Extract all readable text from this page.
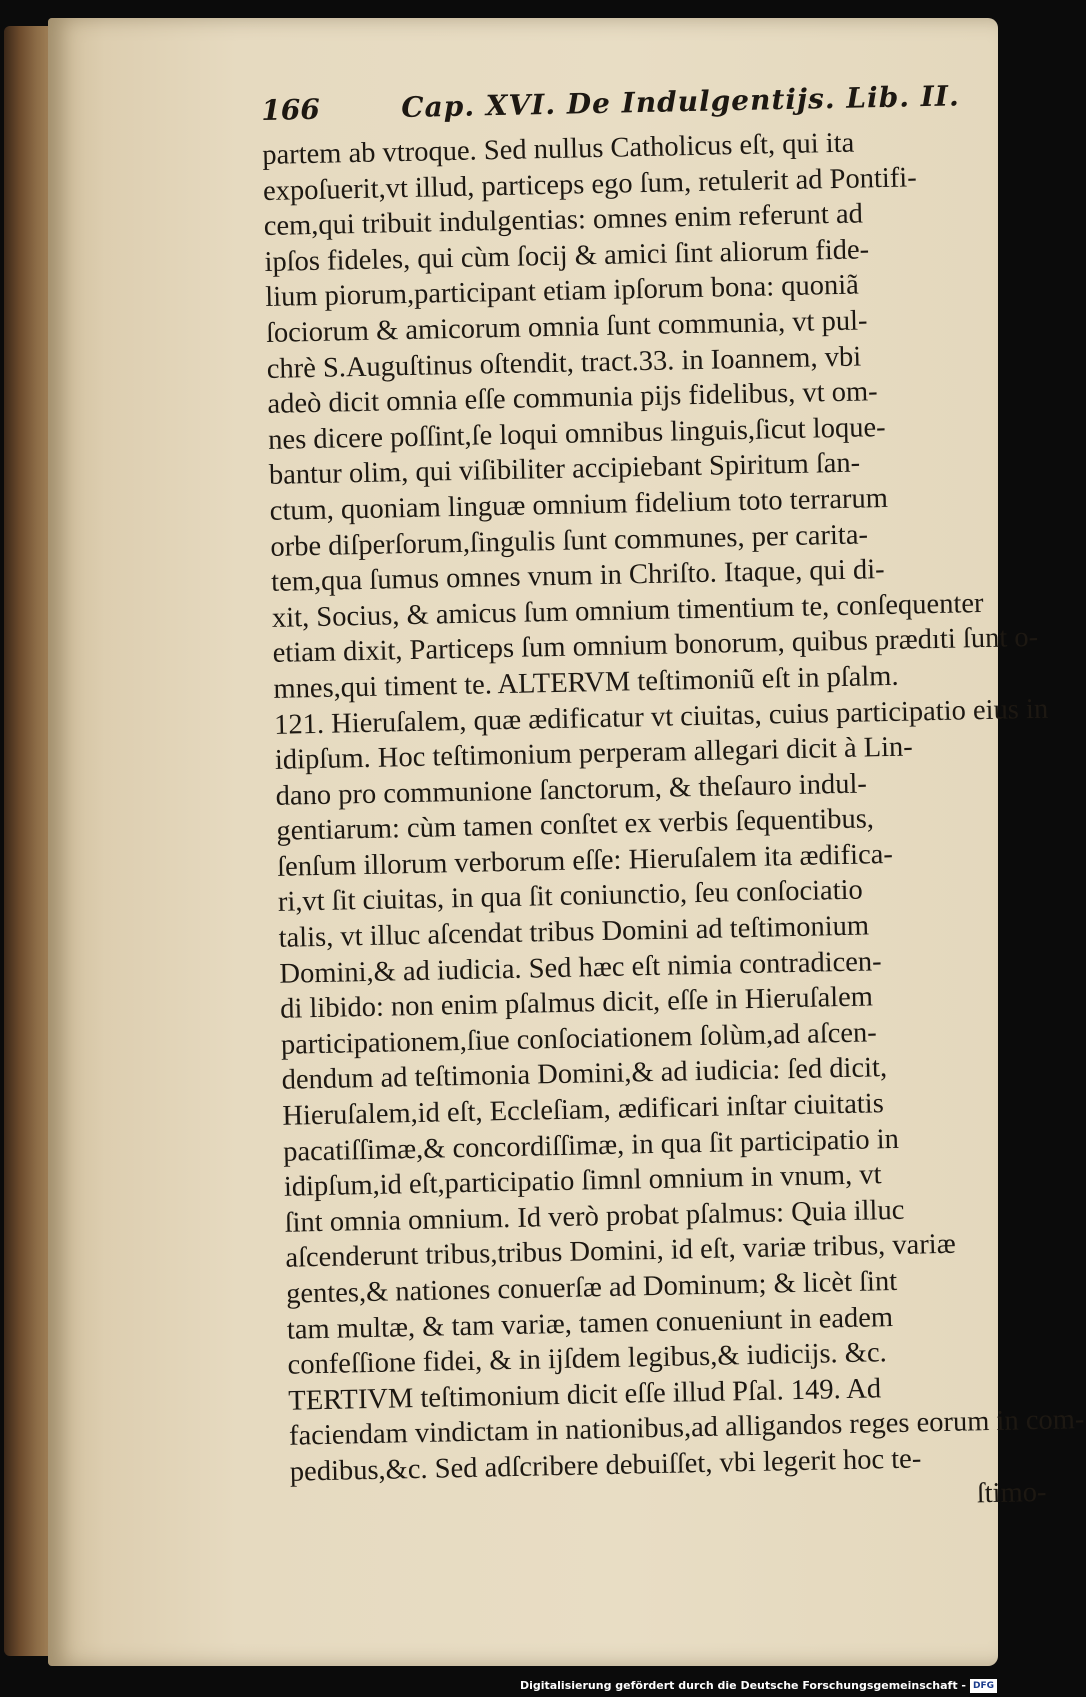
166	Cap. XVI. De Indulgentijs. Lib. II.
partem ab vtroque. Sed nullus Catholicus eſt, qui ita
expoſuerit,vt illud, particeps ego ſum, retulerit ad Pontifi-
cem,qui tribuit indulgentias: omnes enim referunt ad
ipſos fideles, qui cùm ſocij & amici ſint aliorum fide-
lium piorum,participant etiam ipſorum bona: quoniã
ſociorum & amicorum omnia ſunt communia, vt pul-
chrè S.Auguſtinus oſtendit, tract.33. in Ioannem, vbi
adeò dicit omnia eſſe communia pijs fidelibus, vt om-
nes dicere poſſint,ſe loqui omnibus linguis,ſicut loque-
bantur olim, qui viſibiliter accipiebant Spiritum ſan-
ctum, quoniam linguæ omnium fidelium toto terrarum
orbe diſperſorum,ſingulis ſunt communes, per carita-
tem,qua ſumus omnes vnum in Chriſto. Itaque, qui di-
xit, Socius, & amicus ſum omnium timentium te, conſequenter
etiam dixit, Particeps ſum omnium bonorum, quibus prædıti ſunt o-
mnes,qui timent te. ALTERVM teſtimoniũ eſt in pſalm.
121. Hieruſalem, quæ ædificatur vt ciuitas, cuius participatio eius in
idipſum. Hoc teſtimonium perperam allegari dicit à Lin-
dano pro communione ſanctorum, & theſauro indul-
gentiarum: cùm tamen conſtet ex verbis ſequentibus,
ſenſum illorum verborum eſſe: Hieruſalem ita ædifica-
ri,vt ſit ciuitas, in qua ſit coniunctio, ſeu conſociatio
talis, vt illuc aſcendat tribus Domini ad teſtimonium
Domini,& ad iudicia. Sed hæc eſt nimia contradicen-
di libido: non enim pſalmus dicit, eſſe in Hieruſalem
participationem,ſiue conſociationem ſolùm,ad aſcen-
dendum ad teſtimonia Domini,& ad iudicia: ſed dicit,
Hieruſalem,id eſt, Eccleſiam, ædificari inſtar ciuitatis
pacatiſſimæ,& concordiſſimæ, in qua ſit participatio in
idipſum,id eſt,participatio ſimnl omnium in vnum, vt
ſint omnia omnium. Id verò probat pſalmus: Quia illuc
aſcenderunt tribus,tribus Domini, id eſt, variæ tribus, variæ
gentes,& nationes conuerſæ ad Dominum; & licèt ſint
tam multæ, & tam variæ, tamen conueniunt in eadem
confeſſione fidei, & in ijſdem legibus,& iudicijs. &c.
TERTIVM teſtimonium dicit eſſe illud Pſal. 149. Ad
faciendam vindictam in nationibus,ad alligandos reges eorum in com-
pedibus,&c. Sed adſcribere debuiſſet, vbi legerit hoc te-
ſtimo-
Digitalisierung gefördert durch die Deutsche Forschungsgemeinschaft - DFG
